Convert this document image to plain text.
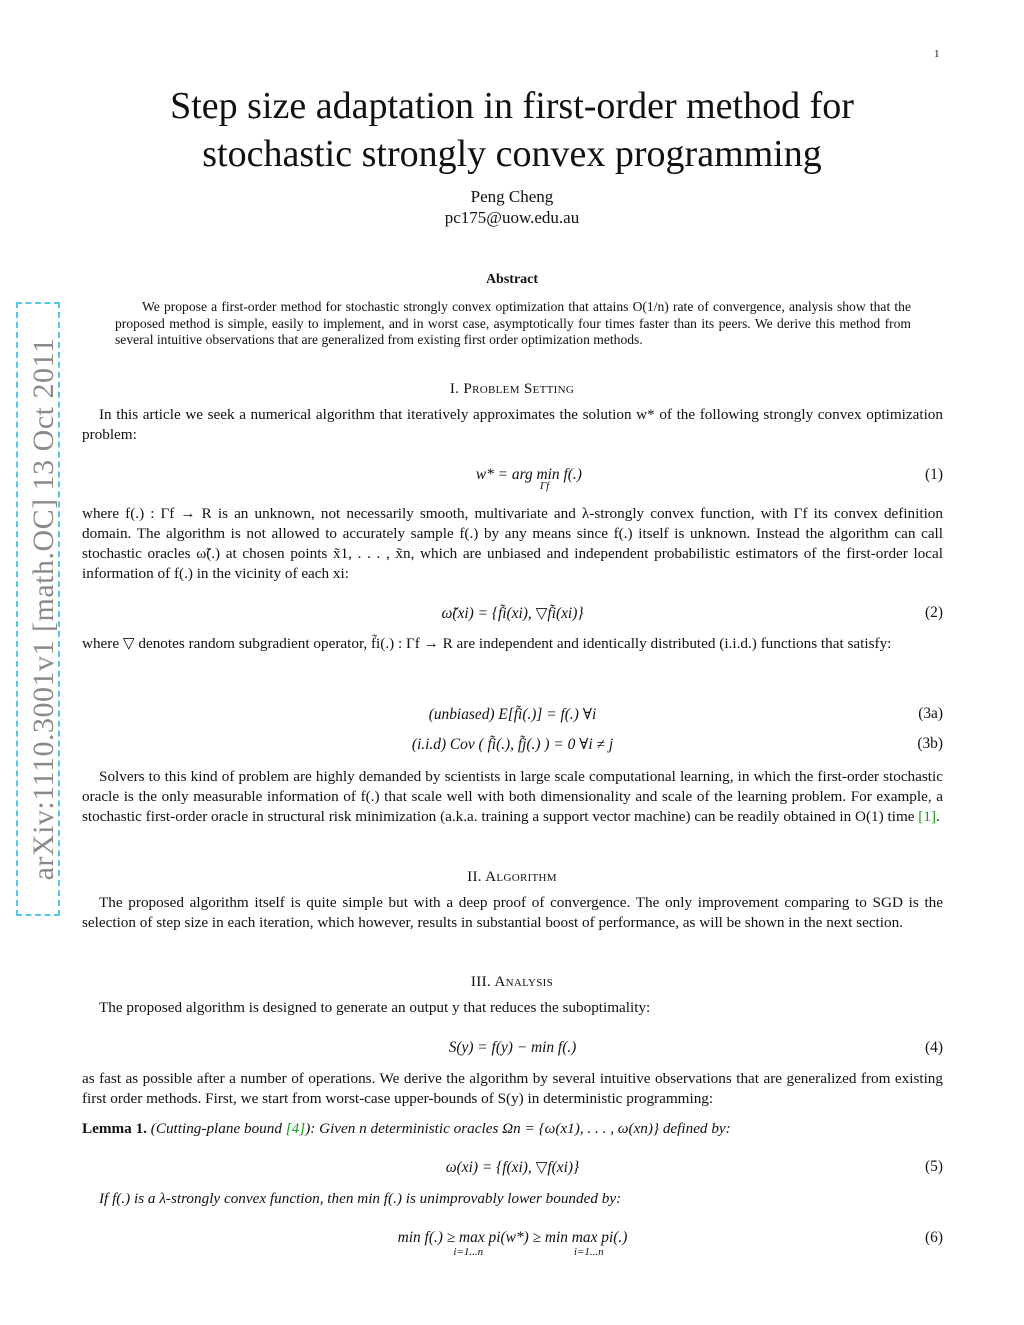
1
arXiv:1110.3001v1 [math.OC] 13 Oct 2011
Step size adaptation in first-order method for
stochastic strongly convex programming
Peng Cheng
pc175@uow.edu.au
Abstract
We propose a first-order method for stochastic strongly convex optimization that attains O(1/n) rate of convergence, analysis show that the proposed method is simple, easily to implement, and in worst case, asymptotically four times faster than its peers. We derive this method from several intuitive observations that are generalized from existing first order optimization methods.
I. Problem Setting
In this article we seek a numerical algorithm that iteratively approximates the solution w* of the following strongly convex optimization problem:
w* = arg $\min f(.)_{\Gamma f}$
(1)
where f(.) : Γf → R is an unknown, not necessarily smooth, multivariate and λ-strongly convex function, with Γf its convex definition domain. The algorithm is not allowed to accurately sample f(.) by any means since f(.) itself is unknown. Instead the algorithm can call stochastic oracles ω̃(.) at chosen points x̃1, . . . , x̃n, which are unbiased and independent probabilistic estimators of the first-order local information of f(.) in the vicinity of each xi:
ω̃(xi) = {f̃i(xi), ▽f̃i(xi)}	(2)
where ▽ denotes random subgradient operator, f̃i(.) : Γf → R are independent and identically distributed (i.i.d.) functions that satisfy:
(unbiased) E[f̃i(.)] = f(.) ∀i	(3a)
(i.i.d) Cov ( f̃i(.), f̃j(.) ) = 0 ∀i ≠ j	(3b)
Solvers to this kind of problem are highly demanded by scientists in large scale computational learning, in which the first-order stochastic oracle is the only measurable information of f(.) that scale well with both dimensionality and scale of the learning problem. For example, a stochastic first-order oracle in structural risk minimization (a.k.a. training a support vector machine) can be readily obtained in O(1) time [1].
II. Algorithm
The proposed algorithm itself is quite simple but with a deep proof of convergence. The only improvement comparing to SGD is the selection of step size in each iteration, which however, results in substantial boost of performance, as will be shown in the next section.
III. Analysis
The proposed algorithm is designed to generate an output y that reduces the suboptimality:
S(y) = f(y) − min f(.)	(4)
as fast as possible after a number of operations. We derive the algorithm by several intuitive observations that are generalized from existing first order methods. First, we start from worst-case upper-bounds of S(y) in deterministic programming:
Lemma 1. (Cutting-plane bound [4]): Given n deterministic oracles Ωn = {ω(x1), . . . , ω(xn)} defined by:
ω(xi) = {f(xi), ▽f(xi)}	(5)
If f(.) is a λ-strongly convex function, then min f(.) is unimprovably lower bounded by:
min f(.) ≥ max pi(w*) ≥ min max pi(.)
i=1...n	i=1...n
(6)
